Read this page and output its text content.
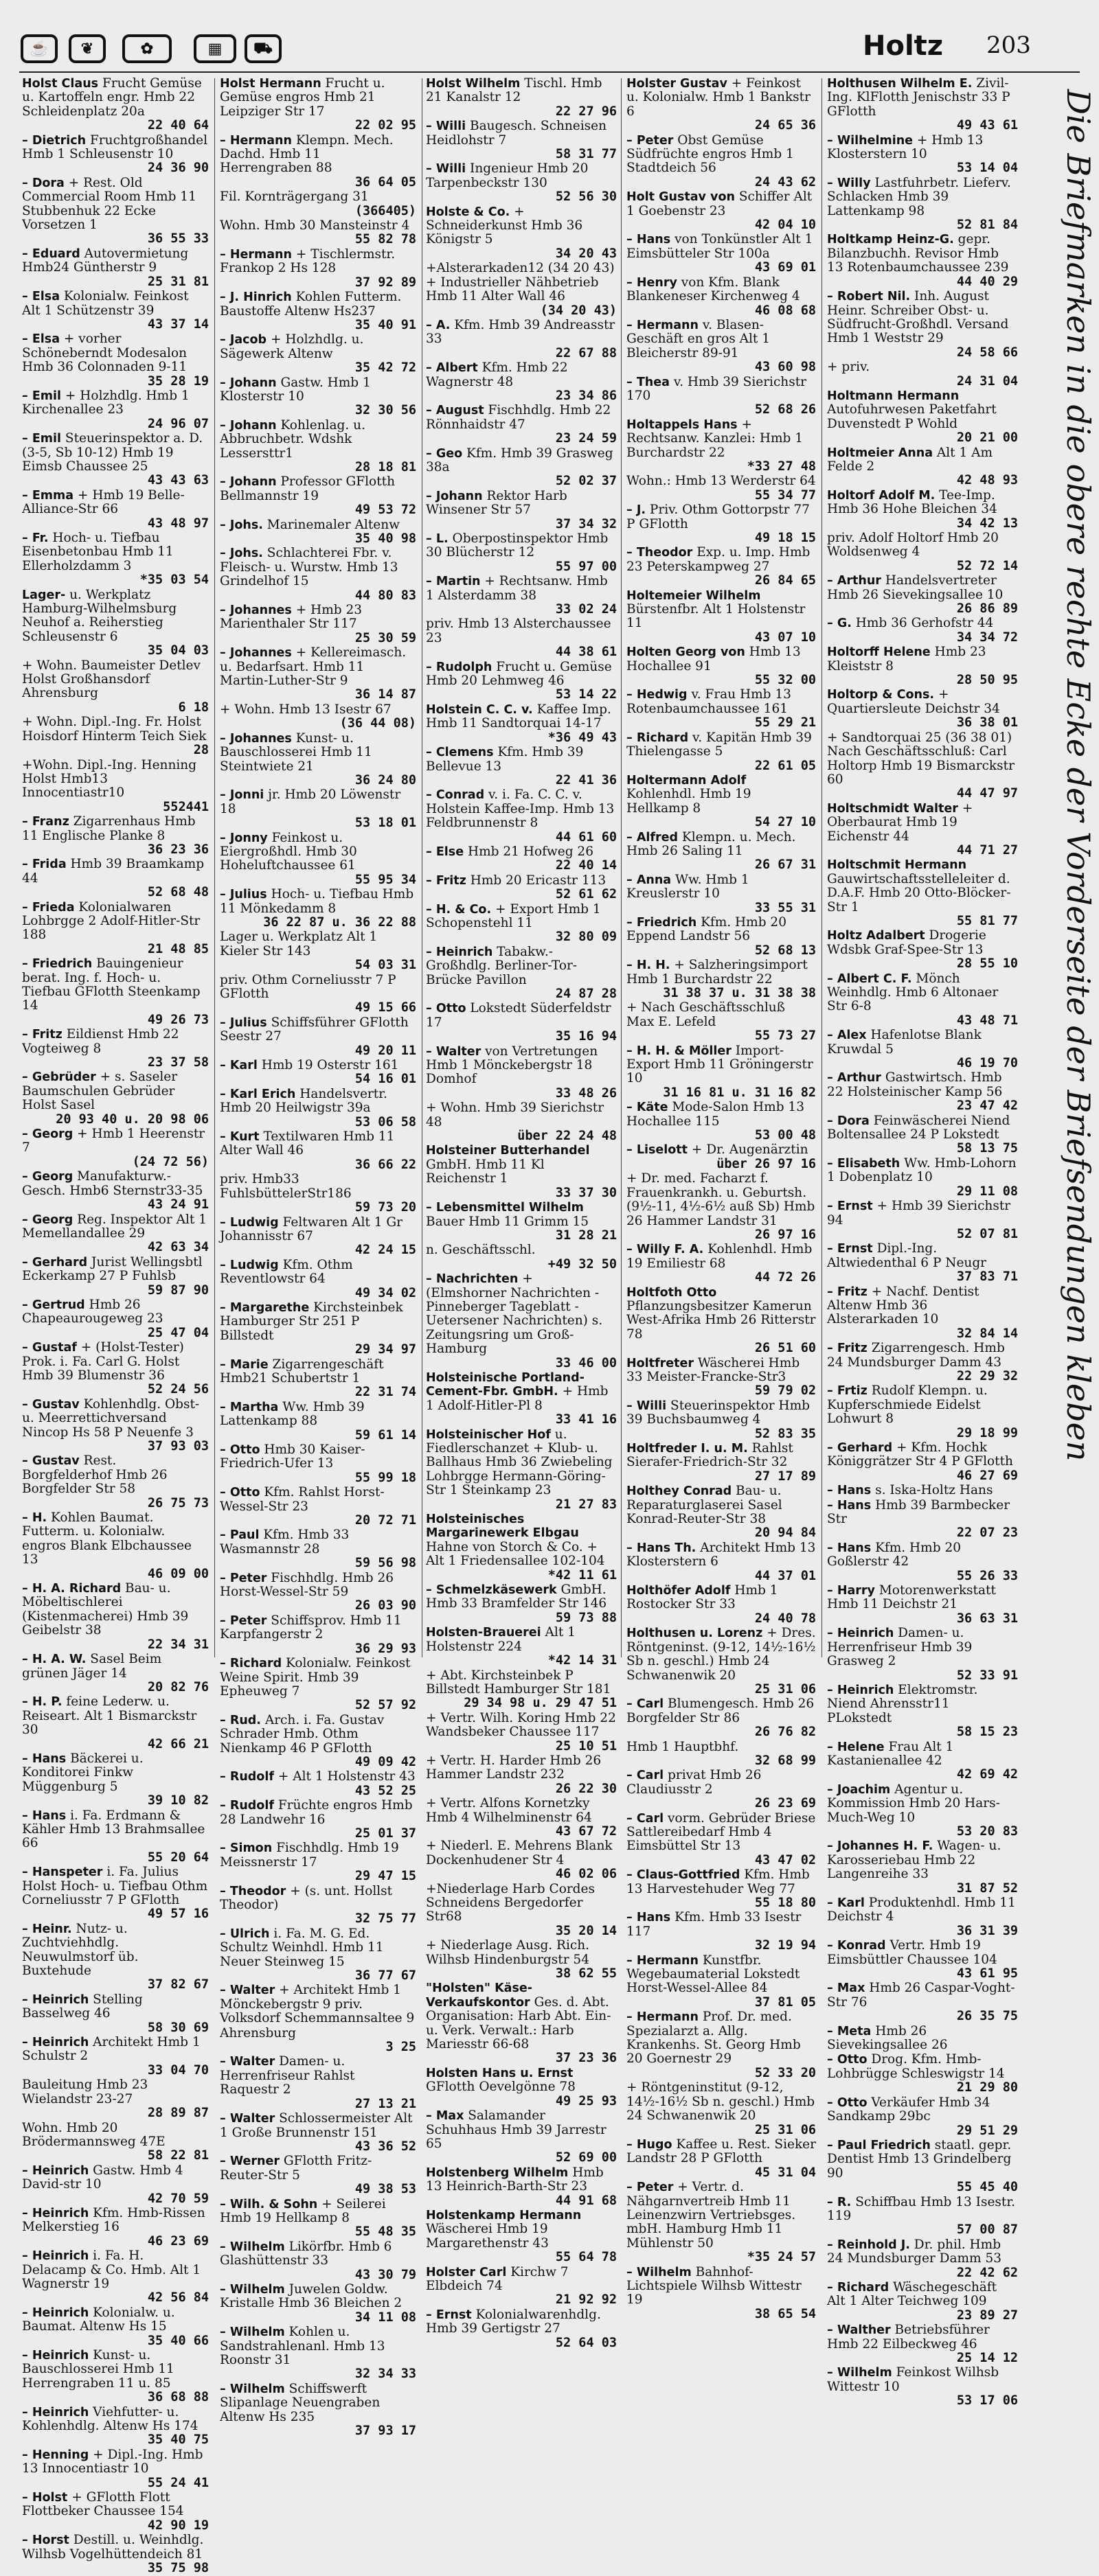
☕	❦	✿	▦	⛟	Holtz 203
Holst Claus Frucht Gemüse u. Kartoffeln engr. Hmb 22 Schleidenplatz 20a
22 40 64
– Dietrich Fruchtgroßhandel Hmb 1 Schleusenstr 10
24 36 90
– Dora + Rest. Old Commercial Room Hmb 11 Stubbenhuk 22 Ecke Vorsetzen 1
36 55 33
– Eduard Autovermietung Hmb24 Güntherstr 9
25 31 81
– Elsa Kolonialw. Feinkost Alt 1 Schützenstr 39
43 37 14
– Elsa + vorher Schöneberndt Modesalon Hmb 36 Colonnaden 9-11
35 28 19
– Emil + Holzhdlg. Hmb 1 Kirchenallee 23
24 96 07
– Emil Steuerinspektor a. D. (3-5, Sb 10-12) Hmb 19 Eimsb Chaussee 25
43 43 63
– Emma + Hmb 19 Belle-Alliance-Str 66
43 48 97
– Fr. Hoch- u. Tiefbau Eisenbetonbau Hmb 11 Ellerholzdamm 3
*35 03 54
Lager- u. Werkplatz Hamburg-Wilhelmsburg Neuhof a. Reiherstieg Schleusenstr 6
35 04 03
+ Wohn. Baumeister Detlev Holst Großhansdorf Ahrensburg
6 18
+ Wohn. Dipl.-Ing. Fr. Holst Hoisdorf Hinterm Teich Siek
28
+Wohn. Dipl.-Ing. Henning Holst Hmb13 Innocentiastr10
552441
– Franz Zigarrenhaus Hmb 11 Englische Planke 8
36 23 36
– Frida Hmb 39 Braamkamp 44
52 68 48
– Frieda Kolonialwaren Lohbrgge 2 Adolf-Hitler-Str 188
21 48 85
– Friedrich Bauingenieur berat. Ing. f. Hoch- u. Tiefbau GFlotth Steenkamp 14
49 26 73
– Fritz Eildienst Hmb 22 Vogteiweg 8
23 37 58
– Gebrüder + s. Saseler Baumschulen Gebrüder Holst Sasel
20 93 40 u. 20 98 06
– Georg + Hmb 1 Heerenstr 7
(24 72 56)
– Georg Manufakturw.-Gesch. Hmb6 Sternstr33-35
43 24 91
– Georg Reg. Inspektor Alt 1 Memellandallee 29
42 63 34
– Gerhard Jurist Wellingsbtl Eckerkamp 27 P Fuhlsb
59 87 90
– Gertrud Hmb 26 Chapeaurougeweg 23
25 47 04
– Gustaf + (Holst-Tester) Prok. i. Fa. Carl G. Holst Hmb 39 Blumenstr 36
52 24 56
– Gustav Kohlenhdlg. Obst- u. Meerrettichversand Nincop Hs 58 P Neuenfe 3
37 93 03
– Gustav Rest. Borgfelderhof Hmb 26 Borgfelder Str 58
26 75 73
– H. Kohlen Baumat. Futterm. u. Kolonialw. engros Blank Elbchaussee 13
46 09 00
– H. A. Richard Bau- u. Möbeltischlerei (Kistenmacherei) Hmb 39 Geibelstr 38
22 34 31
– H. A. W. Sasel Beim grünen Jäger 14
20 82 76
– H. P. feine Lederw. u. Reiseart. Alt 1 Bismarckstr 30
42 66 21
– Hans Bäckerei u. Konditorei Finkw Müggenburg 5
39 10 82
– Hans i. Fa. Erdmann & Kähler Hmb 13 Brahmsallee 66
55 20 64
– Hanspeter i. Fa. Julius Holst Hoch- u. Tiefbau Othm Corneliusstr 7 P GFlotth
49 57 16
– Heinr. Nutz- u. Zuchtviehhdlg. Neuwulmstorf üb. Buxtehude
37 82 67
– Heinrich Stelling Basselweg 46
58 30 69
– Heinrich Architekt Hmb 1 Schulstr 2
33 04 70
Bauleitung Hmb 23 Wielandstr 23-27
28 89 87
Wohn. Hmb 20 Brödermannsweg 47E
58 22 81
– Heinrich Gastw. Hmb 4 David-str 10
42 70 59
– Heinrich Kfm. Hmb-Rissen Melkerstieg 16
46 23 69
– Heinrich i. Fa. H. Delacamp & Co. Hmb. Alt 1 Wagnerstr 19
42 56 84
– Heinrich Kolonialw. u. Baumat. Altenw Hs 15
35 40 66
– Heinrich Kunst- u. Bauschlosserei Hmb 11 Herrengraben 11 u. 85
36 68 88
– Heinrich Viehfutter- u. Kohlenhdlg. Altenw Hs 174
35 40 75
– Henning + Dipl.-Ing. Hmb 13 Innocentiastr 10
55 24 41
– Holst + GFlotth Flott Flottbeker Chaussee 154
42 90 19
– Horst Destill. u. Weinhdlg. Wilhsb Vogelhüttendeich 81
35 75 98
Holst Hermann Frucht u. Gemüse engros Hmb 21 Leipziger Str 17
22 02 95
– Hermann Klempn. Mech. Dachd. Hmb 11 Herrengraben 88
36 64 05
Fil. Kornträgergang 31
(366405)
Wohn. Hmb 30 Mansteinstr 4
55 82 78
– Hermann + Tischlermstr. Frankop 2 Hs 128
37 92 89
– J. Hinrich Kohlen Futterm. Baustoffe Altenw Hs237
35 40 91
– Jacob + Holzhdlg. u. Sägewerk Altenw
35 42 72
– Johann Gastw. Hmb 1 Klosterstr 10
32 30 56
– Johann Kohlenlag. u. Abbruchbetr. Wdshk Lessersttr1
28 18 81
– Johann Professor GFlotth Bellmannstr 19
49 53 72
– Johs. Marinemaler Altenw
35 40 98
– Johs. Schlachterei Fbr. v. Fleisch- u. Wurstw. Hmb 13 Grindelhof 15
44 80 83
– Johannes + Hmb 23 Marienthaler Str 117
25 30 59
– Johannes + Kellereimasch. u. Bedarfsart. Hmb 11 Martin-Luther-Str 9
36 14 87
+ Wohn. Hmb 13 Isestr 67
(36 44 08)
– Johannes Kunst- u. Bauschlosserei Hmb 11 Steintwiete 21
36 24 80
– Jonni jr. Hmb 20 Löwenstr 18
53 18 01
– Jonny Feinkost u. Eiergroßhdl. Hmb 30 Hoheluftchaussee 61
55 95 34
– Julius Hoch- u. Tiefbau Hmb 11 Mönkedamm 8
36 22 87 u. 36 22 88
Lager u. Werkplatz Alt 1 Kieler Str 143
54 03 31
priv. Othm Corneliusstr 7 P GFlotth
49 15 66
– Julius Schiffsführer GFlotth Seestr 27
49 20 11
– Karl Hmb 19 Osterstr 161
54 16 01
– Karl Erich Handelsvertr. Hmb 20 Heilwigstr 39a
53 06 58
– Kurt Textilwaren Hmb 11 Alter Wall 46
36 66 22
priv. Hmb33 FuhlsbüttelerStr186
59 73 20
– Ludwig Feltwaren Alt 1 Gr Johannisstr 67
42 24 15
– Ludwig Kfm. Othm Reventlowstr 64
49 34 02
– Margarethe Kirchsteinbek Hamburger Str 251 P Billstedt
29 34 97
– Marie Zigarrengeschäft Hmb21 Schubertstr 1
22 31 74
– Martha Ww. Hmb 39 Lattenkamp 88
59 61 14
– Otto Hmb 30 Kaiser-Friedrich-Ufer 13
55 99 18
– Otto Kfm. Rahlst Horst-Wessel-Str 23
20 72 71
– Paul Kfm. Hmb 33 Wasmannstr 28
59 56 98
– Peter Fischhdlg. Hmb 26 Horst-Wessel-Str 59
26 03 90
– Peter Schiffsprov. Hmb 11 Karpfangerstr 2
36 29 93
– Richard Kolonialw. Feinkost Weine Spirit. Hmb 39 Epheuweg 7
52 57 92
– Rud. Arch. i. Fa. Gustav Schrader Hmb. Othm Nienkamp 46 P GFlotth
49 09 42
– Rudolf + Alt 1 Holstenstr 43
43 52 25
– Rudolf Früchte engros Hmb 28 Landwehr 16
25 01 37
– Simon Fischhdlg. Hmb 19 Meissnerstr 17
29 47 15
– Theodor + (s. unt. Hollst Theodor)
32 75 77
– Ulrich i. Fa. M. G. Ed. Schultz Weinhdl. Hmb 11 Neuer Steinweg 15
36 77 67
– Walter + Architekt Hmb 1 Mönckebergstr 9 priv. Volksdorf Schemmannsaltee 9
Ahrensburg
3 25
– Walter Damen- u. Herrenfriseur Rahlst Raquestr 2
27 13 21
– Walter Schlossermeister Alt 1 Große Brunnenstr 151
43 36 52
– Werner GFlotth Fritz-Reuter-Str 5
49 38 53
– Wilh. & Sohn + Seilerei Hmb 19 Hellkamp 8
55 48 35
– Wilhelm Likörfbr. Hmb 6 Glashüttenstr 33
43 30 79
– Wilhelm Juwelen Goldw. Kristalle Hmb 36 Bleichen 2
34 11 08
– Wilhelm Kohlen u. Sandstrahlenanl. Hmb 13 Roonstr 31
32 34 33
– Wilhelm Schiffswerft Slipanlage Neuengraben Altenw Hs 235
37 93 17
Holst Wilhelm Tischl. Hmb 21 Kanalstr 12
22 27 96
– Willi Baugesch. Schneisen Heidlohstr 7
58 31 77
– Willi Ingenieur Hmb 20 Tarpenbeckstr 130
52 56 30
Holste & Co. + Schneiderkunst Hmb 36 Königstr 5
34 20 43
+Alsterarkaden12 (34 20 43) + Industrieller Nähbetrieb Hmb 11 Alter Wall 46
(34 20 43)
– A. Kfm. Hmb 39 Andreasstr 33
22 67 88
– Albert Kfm. Hmb 22 Wagnerstr 48
23 34 86
– August Fischhdlg. Hmb 22 Rönnhaidstr 47
23 24 59
– Geo Kfm. Hmb 39 Grasweg 38a
52 02 37
– Johann Rektor Harb Winsener Str 57
37 34 32
– L. Oberpostinspektor Hmb 30 Blücherstr 12
55 97 00
– Martin + Rechtsanw. Hmb 1 Alsterdamm 38
33 02 24
priv. Hmb 13 Alsterchaussee 23
44 38 61
– Rudolph Frucht u. Gemüse Hmb 20 Lehmweg 46
53 14 22
Holstein C. C. v. Kaffee Imp. Hmb 11 Sandtorquai 14-17
*36 49 43
– Clemens Kfm. Hmb 39 Bellevue 13
22 41 36
– Conrad v. i. Fa. C. C. v. Holstein Kaffee-Imp. Hmb 13 Feldbrunnenstr 8
44 61 60
– Else Hmb 21 Hofweg 26
22 40 14
– Fritz Hmb 20 Ericastr 113
52 61 62
– H. & Co. + Export Hmb 1 Schopenstehl 11
32 80 09
– Heinrich Tabakw.-Großhdlg. Berliner-Tor-Brücke Pavillon
24 87 28
– Otto Lokstedt Süderfeldstr 17
35 16 94
– Walter von Vertretungen Hmb 1 Mönckebergstr 18 Domhof
33 48 26
+ Wohn. Hmb 39 Sierichstr 48
über 22 24 48
Holsteiner Butterhandel GmbH. Hmb 11 Kl Reichenstr 1
33 37 30
– Lebensmittel Wilhelm Bauer Hmb 11 Grimm 15
31 28 21
n. Geschäftsschl.
+49 32 50
– Nachrichten + (Elmshorner Nachrichten - Pinneberger Tageblatt - Uetersener Nachrichten) s. Zeitungsring um Groß-Hamburg
33 46 00
Holsteinische Portland-Cement-Fbr. GmbH. + Hmb 1 Adolf-Hitler-Pl 8
33 41 16
Holsteinischer Hof u. Fiedlerschanzet + Klub- u. Ballhaus Hmb 36 Zwiebeling Lohbrgge Hermann-Göring-Str 1 Steinkamp 23
21 27 83
Holsteinisches Margarinewerk Elbgau Hahne von Storch & Co. + Alt 1 Friedensallee 102-104
*42 11 61
– Schmelzkäsewerk GmbH. Hmb 33 Bramfelder Str 146
59 73 88
Holsten-Brauerei Alt 1 Holstenstr 224
*42 14 31
+ Abt. Kirchsteinbek P Billstedt Hamburger Str 181
29 34 98 u. 29 47 51
+ Vertr. Wilh. Koring Hmb 22 Wandsbeker Chaussee 117
25 10 51
+ Vertr. H. Harder Hmb 26 Hammer Landstr 232
26 22 30
+ Vertr. Alfons Kornetzky Hmb 4 Wilhelminenstr 64
43 67 72
+ Niederl. E. Mehrens Blank Dockenhudener Str 4
46 02 06
+Niederlage Harb Cordes Schneidens Bergedorfer Str68
35 20 14
+ Niederlage Ausg. Rich. Wilhsb Hindenburgstr 54
38 62 55
"Holsten" Käse-Verkaufskontor Ges. d. Abt. Organisation: Harb Abt. Ein- u. Verk. Verwalt.: Harb Mariesstr 66-68
37 23 36
Holsten Hans u. Ernst GFlotth Oevelgönne 78
49 25 93
– Max Salamander Schuhhaus Hmb 39 Jarrestr 65
52 69 00
Holstenberg Wilhelm Hmb 13 Heinrich-Barth-Str 23
44 91 68
Holstenkamp Hermann Wäscherei Hmb 19 Margarethenstr 43
55 64 78
Holster Carl Kirchw 7 Elbdeich 74
21 92 92
– Ernst Kolonialwarenhdlg. Hmb 39 Gertigstr 27
52 64 03
Holster Gustav + Feinkost u. Kolonialw. Hmb 1 Bankstr 6
24 65 36
– Peter Obst Gemüse Südfrüchte engros Hmb 1 Stadtdeich 56
24 43 62
Holt Gustav von Schiffer Alt 1 Goebenstr 23
42 04 10
– Hans von Tonkünstler Alt 1 Eimsbütteler Str 100a
43 69 01
– Henry von Kfm. Blank Blankeneser Kirchenweg 4
46 08 68
– Hermann v. Blasen-Geschäft en gros Alt 1 Bleicherstr 89-91
43 60 98
– Thea v. Hmb 39 Sierichstr 170
52 68 26
Holtappels Hans + Rechtsanw. Kanzlei: Hmb 1 Burchardstr 22
*33 27 48
Wohn.: Hmb 13 Werderstr 64
55 34 77
– J. Priv. Othm Gottorpstr 77 P GFlotth
49 18 15
– Theodor Exp. u. Imp. Hmb 23 Peterskampweg 27
26 84 65
Holtemeier Wilhelm Bürstenfbr. Alt 1 Holstenstr 11
43 07 10
Holten Georg von Hmb 13 Hochallee 91
55 32 00
– Hedwig v. Frau Hmb 13 Rotenbaumchaussee 161
55 29 21
– Richard v. Kapitän Hmb 39 Thielengasse 5
22 61 05
Holtermann Adolf Kohlenhdl. Hmb 19 Hellkamp 8
54 27 10
– Alfred Klempn. u. Mech. Hmb 26 Saling 11
26 67 31
– Anna Ww. Hmb 1 Kreuslerstr 10
33 55 31
– Friedrich Kfm. Hmb 20 Eppend Landstr 56
52 68 13
– H. H. + Salzheringsimport Hmb 1 Burchardstr 22
31 38 37 u. 31 38 38
+ Nach Geschäftsschluß Max E. Lefeld
55 73 27
– H. H. & Möller Import-Export Hmb 11 Gröningerstr 10
31 16 81 u. 31 16 82
– Käte Mode-Salon Hmb 13 Hochallee 115
53 00 48
– Liselott + Dr. Augenärztin
über 26 97 16
+ Dr. med. Facharzt f. Frauenkrankh. u. Geburtsh. (9½-11, 4½-6½ auß Sb) Hmb 26 Hammer Landstr 31
26 97 16
– Willy F. A. Kohlenhdl. Hmb 19 Emiliestr 68
44 72 26
Holtfoth Otto Pflanzungsbesitzer Kamerun West-Afrika Hmb 26 Ritterstr 78
26 51 60
Holtfreter Wäscherei Hmb 33 Meister-Francke-Str3
59 79 02
– Willi Steuerinspektor Hmb 39 Buchsbaumweg 4
52 83 35
Holtfreder I. u. M. Rahlst Sierafer-Friedrich-Str 32
27 17 89
Holthey Conrad Bau- u. Reparaturglaserei Sasel Konrad-Reuter-Str 38
20 94 84
– Hans Th. Architekt Hmb 13 Klosterstern 6
44 37 01
Holthöfer Adolf Hmb 1 Rostocker Str 33
24 40 78
Holthusen u. Lorenz + Dres. Röntgeninst. (9-12, 14½-16½ Sb n. geschl.) Hmb 24 Schwanenwik 20
25 31 06
– Carl Blumengesch. Hmb 26 Borgfelder Str 86
26 76 82
Hmb 1 Hauptbhf.
32 68 99
– Carl privat Hmb 26 Claudiusstr 2
26 23 69
– Carl vorm. Gebrüder Briese Sattlereibedarf Hmb 4 Eimsbüttel Str 13
43 47 02
– Claus-Gottfried Kfm. Hmb 13 Harvestehuder Weg 77
55 18 80
– Hans Kfm. Hmb 33 Isestr 117
32 19 94
– Hermann Kunstfbr. Wegebaumaterial Lokstedt Horst-Wessel-Allee 84
37 81 05
– Hermann Prof. Dr. med. Spezialarzt a. Allg. Krankenhs. St. Georg Hmb 20 Goernestr 29
52 33 20
+ Röntgeninstitut (9-12, 14½-16½ Sb n. geschl.) Hmb 24 Schwanenwik 20
25 31 06
– Hugo Kaffee u. Rest. Sieker Landstr 28 P GFlotth
45 31 04
– Peter + Vertr. d. Nähgarnvertreib Hmb 11 Leinenzwirn Vertriebsges. mbH. Hamburg Hmb 11 Mühlenstr 50
*35 24 57
– Wilhelm Bahnhof-Lichtspiele Wilhsb Wittestr 19
38 65 54
Holthusen Wilhelm E. Zivil-Ing. KlFlotth Jenischstr 33 P GFlotth
49 43 61
– Wilhelmine + Hmb 13 Klosterstern 10
53 14 04
– Willy Lastfuhrbetr. Lieferv. Schlacken Hmb 39 Lattenkamp 98
52 81 84
Holtkamp Heinz-G. gepr. Bilanzbuchh. Revisor Hmb 13 Rotenbaumchaussee 239
44 40 29
– Robert Nil. Inh. August Heinr. Schreiber Obst- u. Südfrucht-Großhdl. Versand Hmb 1 Weststr 29
24 58 66
+ priv.
24 31 04
Holtmann Hermann Autofuhrwesen Paketfahrt Duvenstedt P Wohld
20 21 00
Holtmeier Anna Alt 1 Am Felde 2
42 48 93
Holtorf Adolf M. Tee-Imp. Hmb 36 Hohe Bleichen 34
34 42 13
priv. Adolf Holtorf Hmb 20 Woldsenweg 4
52 72 14
– Arthur Handelsvertreter Hmb 26 Sievekingsallee 10
26 86 89
– G. Hmb 36 Gerhofstr 44
34 34 72
Holtorff Helene Hmb 23 Kleiststr 8
28 50 95
Holtorp & Cons. + Quartiersleute Deichstr 34
36 38 01
+ Sandtorquai 25 (36 38 01) Nach Geschäftsschluß: Carl Holtorp Hmb 19 Bismarckstr 60
44 47 97
Holtschmidt Walter + Oberbaurat Hmb 19 Eichenstr 44
44 71 27
Holtschmit Hermann Gauwirtschaftsstelleleiter d. D.A.F. Hmb 20 Otto-Blöcker-Str 1
55 81 77
Holtz Adalbert Drogerie Wdsbk Graf-Spee-Str 13
28 55 10
– Albert C. F. Mönch Weinhdlg. Hmb 6 Altonaer Str 6-8
43 48 71
– Alex Hafenlotse Blank Kruwdal 5
46 19 70
– Arthur Gastwirtsch. Hmb 22 Holsteinischer Kamp 56
23 47 42
– Dora Feinwäscherei Niend Boltensallee 24 P Lokstedt
58 13 75
– Elisabeth Ww. Hmb-Lohorn 1 Dobenplatz 10
29 11 08
– Ernst + Hmb 39 Sierichstr 94
52 07 81
– Ernst Dipl.-Ing. Altwiedenthal 6 P Neugr
37 83 71
– Fritz + Nachf. Dentist Altenw Hmb 36 Alsterarkaden 10
32 84 14
– Fritz Zigarrengesch. Hmb 24 Mundsburger Damm 43
22 29 32
– Frtiz Rudolf Klempn. u. Kupferschmiede Eidelst Lohwurt 8
29 18 99
– Gerhard + Kfm. Hochk Königgrätzer Str 4 P GFlotth
46 27 69
– Hans s. Iska-Holtz Hans
– Hans Hmb 39 Barmbecker Str
22 07 23
– Hans Kfm. Hmb 20 Goßlerstr 42
55 26 33
– Harry Motorenwerkstatt Hmb 11 Deichstr 21
36 63 31
– Heinrich Damen- u. Herrenfriseur Hmb 39 Grasweg 2
52 33 91
– Heinrich Elektromstr. Niend Ahrensstr11 PLokstedt
58 15 23
– Helene Frau Alt 1 Kastanienallee 42
42 69 42
– Joachim Agentur u. Kommission Hmb 20 Hars-Much-Weg 10
53 20 83
– Johannes H. F. Wagen- u. Karosseriebau Hmb 22 Langenreihe 33
31 87 52
– Karl Produktenhdl. Hmb 11 Deichstr 4
36 31 39
– Konrad Vertr. Hmb 19 Eimsbüttler Chaussee 104
43 61 95
– Max Hmb 26 Caspar-Voght-Str 76
26 35 75
– Meta Hmb 26 Sievekingsallee 26
– Otto Drog. Kfm. Hmb-Lohbrügge Schleswigstr 14
21 29 80
– Otto Verkäufer Hmb 34 Sandkamp 29bc
29 51 29
– Paul Friedrich staatl. gepr. Dentist Hmb 13 Grindelberg 90
55 45 40
– R. Schiffbau Hmb 13 Isestr. 119
57 00 87
– Reinhold J. Dr. phil. Hmb 24 Mundsburger Damm 53
22 42 62
– Richard Wäschegeschäft Alt 1 Alter Teichweg 109
23 89 27
– Walther Betriebsführer Hmb 22 Eilbeckweg 46
25 14 12
– Wilhelm Feinkost Wilhsb Wittestr 10
53 17 06
Die Briefmarken in die obere rechte Ecke der Vorderseite der Briefsendungen kleben
